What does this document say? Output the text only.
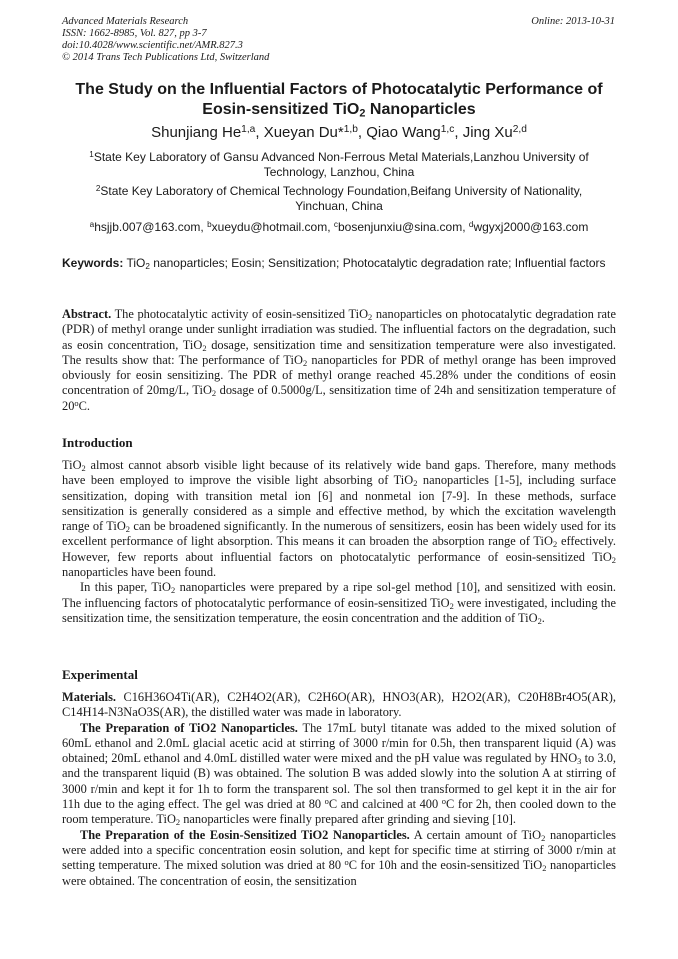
Advanced Materials Research
ISSN: 1662-8985, Vol. 827, pp 3-7
doi:10.4028/www.scientific.net/AMR.827.3
© 2014 Trans Tech Publications Ltd, Switzerland
Online: 2013-10-31
The Study on the Influential Factors of Photocatalytic Performance of
Eosin-sensitized TiO$_2$ Nanoparticles
Shunjiang He$^{1,a}$, Xueyan Du*$^{1,b}$, Qiao Wang$^{1,c}$, Jing Xu$^{2,d}$
$^1$State Key Laboratory of Gansu Advanced Non-Ferrous Metal Materials,Lanzhou University of
Technology, Lanzhou, China
$^2$State Key Laboratory of Chemical Technology Foundation,Beifang University of Nationality,
Yinchuan, China
$^a$hsjjb.007@163.com, $^b$xueydu@hotmail.com, $^c$bosenjunxiu@sina.com, $^d$wgyxj2000@163.com
Keywords: TiO$_2$ nanoparticles; Eosin; Sensitization; Photocatalytic degradation rate; Influential factors

Abstract. The photocatalytic activity of eosin-sensitized TiO$_2$ nanoparticles on photocatalytic degradation rate (PDR) of methyl orange under sunlight irradiation was studied. The influential factors on the degradation, such as eosin concentration, TiO$_2$ dosage, sensitization time and sensitization temperature were also investigated. The results show that: The performance of TiO$_2$ nanoparticles for PDR of methyl orange has been improved obviously for eosin sensitizing. The PDR of methyl orange reached 45.28% under the conditions of eosin concentration of 20mg/L, TiO$_2$ dosage of 0.5000g/L, sensitization time of 24h and sensitization temperature of 20$^o$C.

Introduction

TiO$_2$ almost cannot absorb visible light because of its relatively wide band gaps. Therefore, many methods have been employed to improve the visible light absorbing of TiO$_2$ nanoparticles [1-5], including surface sensitization, doping with transition metal ion [6] and nonmetal ion [7-9]. In these methods, surface sensitization is generally considered as a simple and effective method, by which the excitation wavelength range of TiO$_2$ can be broadened significantly. In the numerous of sensitizers, eosin has been widely used for its excellent performance of light absorption. This means it can broaden the absorption range of TiO$_2$ effectively. However, few reports about influential factors on photocatalytic performance of eosin-sensitized TiO$_2$ nanoparticles have been found.

In this paper, TiO$_2$ nanoparticles were prepared by a ripe sol-gel method [10], and sensitized with eosin. The influencing factors of photocatalytic performance of eosin-sensitized TiO$_2$ were investigated, including the sensitization time, the sensitization temperature, the eosin concentration and the addition of TiO$_2$.

Experimental

Materials. C16H36O4Ti(AR), C2H4O2(AR), C2H6O(AR), HNO3(AR), H2O2(AR), C20H8Br4O5(AR), C14H14-N3NaO3S(AR), the distilled water was made in laboratory.

The Preparation of TiO2 Nanoparticles. The 17mL butyl titanate was added to the mixed solution of 60mL ethanol and 2.0mL glacial acetic acid at stirring of 3000 r/min for 0.5h, then transparent liquid (A) was obtained; 20mL ethanol and 4.0mL distilled water were mixed and the pH value was regulated by $HNO_3$ to 3.0, and the transparent liquid (B) was obtained. The solution B was added slowly into the solution A at stirring of 3000 r/min and kept it for 1h to form the transparent sol. The sol then transformed to gel kept it in the air for 11h due to the aging effect. The gel was dried at 80 $^o$C and calcined at 400 $^o$C for 2h, then cooled down to the room temperature. TiO$_2$ nanoparticles were finally prepared after grinding and sieving [10].

The Preparation of the Eosin-Sensitized TiO2 Nanoparticles. A certain amount of TiO$_2$ nanoparticles were added into a specific concentration eosin solution, and kept for specific time at stirring of 3000 r/min at setting temperature. The mixed solution was dried at 80 $^o$C for 10h and the eosin-sensitized TiO$_2$ nanoparticles were obtained. The concentration of eosin, the sensitization
